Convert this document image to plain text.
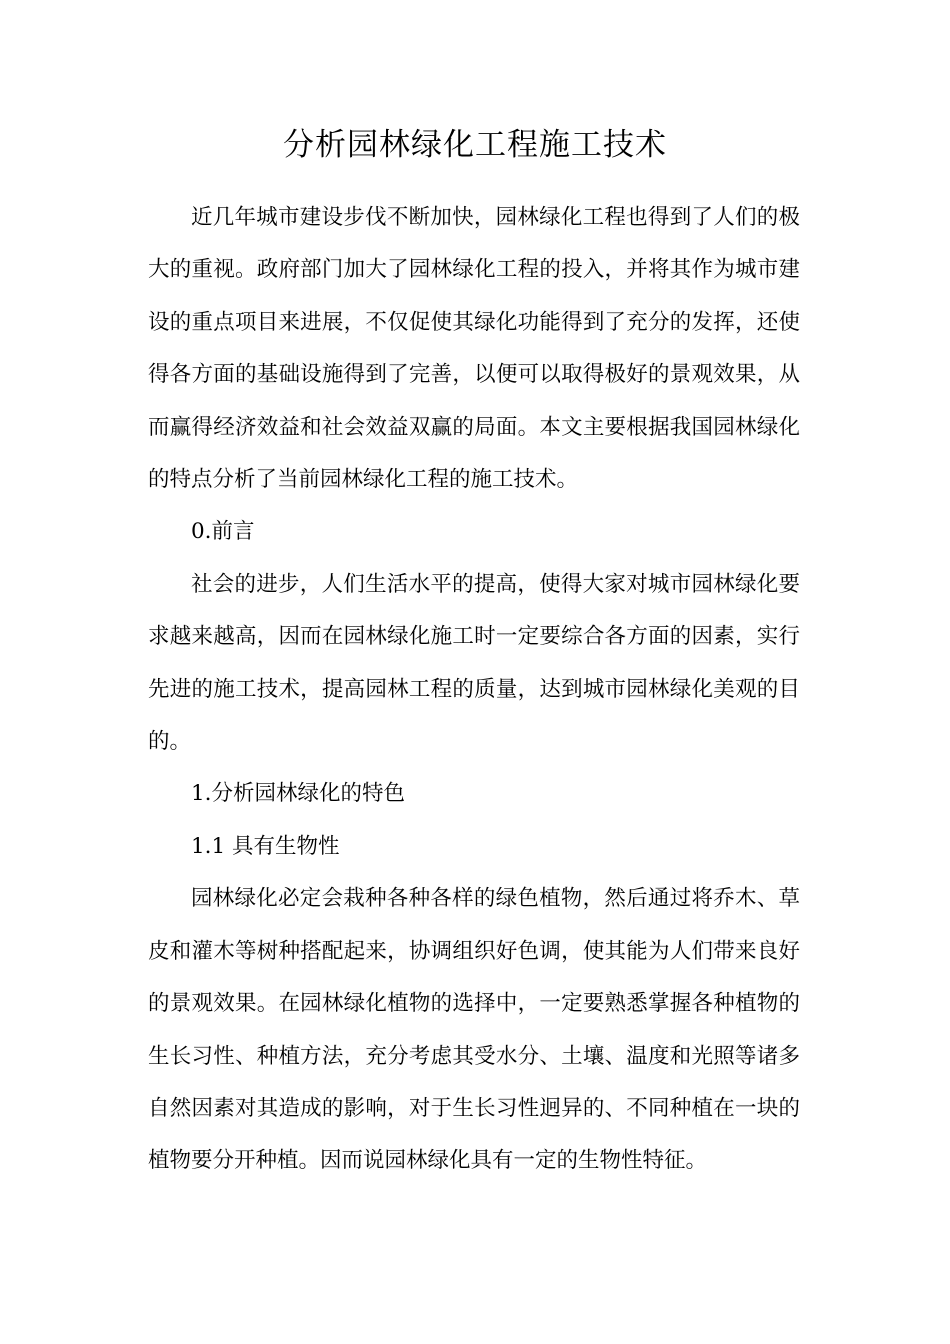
分析园林绿化工程施工技术

近几年城市建设步伐不断加快，园林绿化工程也得到了人们的极大的重视。政府部门加大了园林绿化工程的投入，并将其作为城市建设的重点项目来进展，不仅促使其绿化功能得到了充分的发挥，还使得各方面的基础设施得到了完善，以便可以取得极好的景观效果，从而赢得经济效益和社会效益双赢的局面。本文主要根据我国园林绿化的特点分析了当前园林绿化工程的施工技术。

0.前言

社会的进步，人们生活水平的提高，使得大家对城市园林绿化要求越来越高，因而在园林绿化施工时一定要综合各方面的因素，实行先进的施工技术，提高园林工程的质量，达到城市园林绿化美观的目的。

1.分析园林绿化的特色

1.1 具有生物性

园林绿化必定会栽种各种各样的绿色植物，然后通过将乔木、草皮和灌木等树种搭配起来，协调组织好色调，使其能为人们带来良好的景观效果。在园林绿化植物的选择中，一定要熟悉掌握各种植物的生长习性、种植方法，充分考虑其受水分、土壤、温度和光照等诸多自然因素对其造成的影响，对于生长习性迥异的、不同种植在一块的植物要分开种植。因而说园林绿化具有一定的生物性特征。
